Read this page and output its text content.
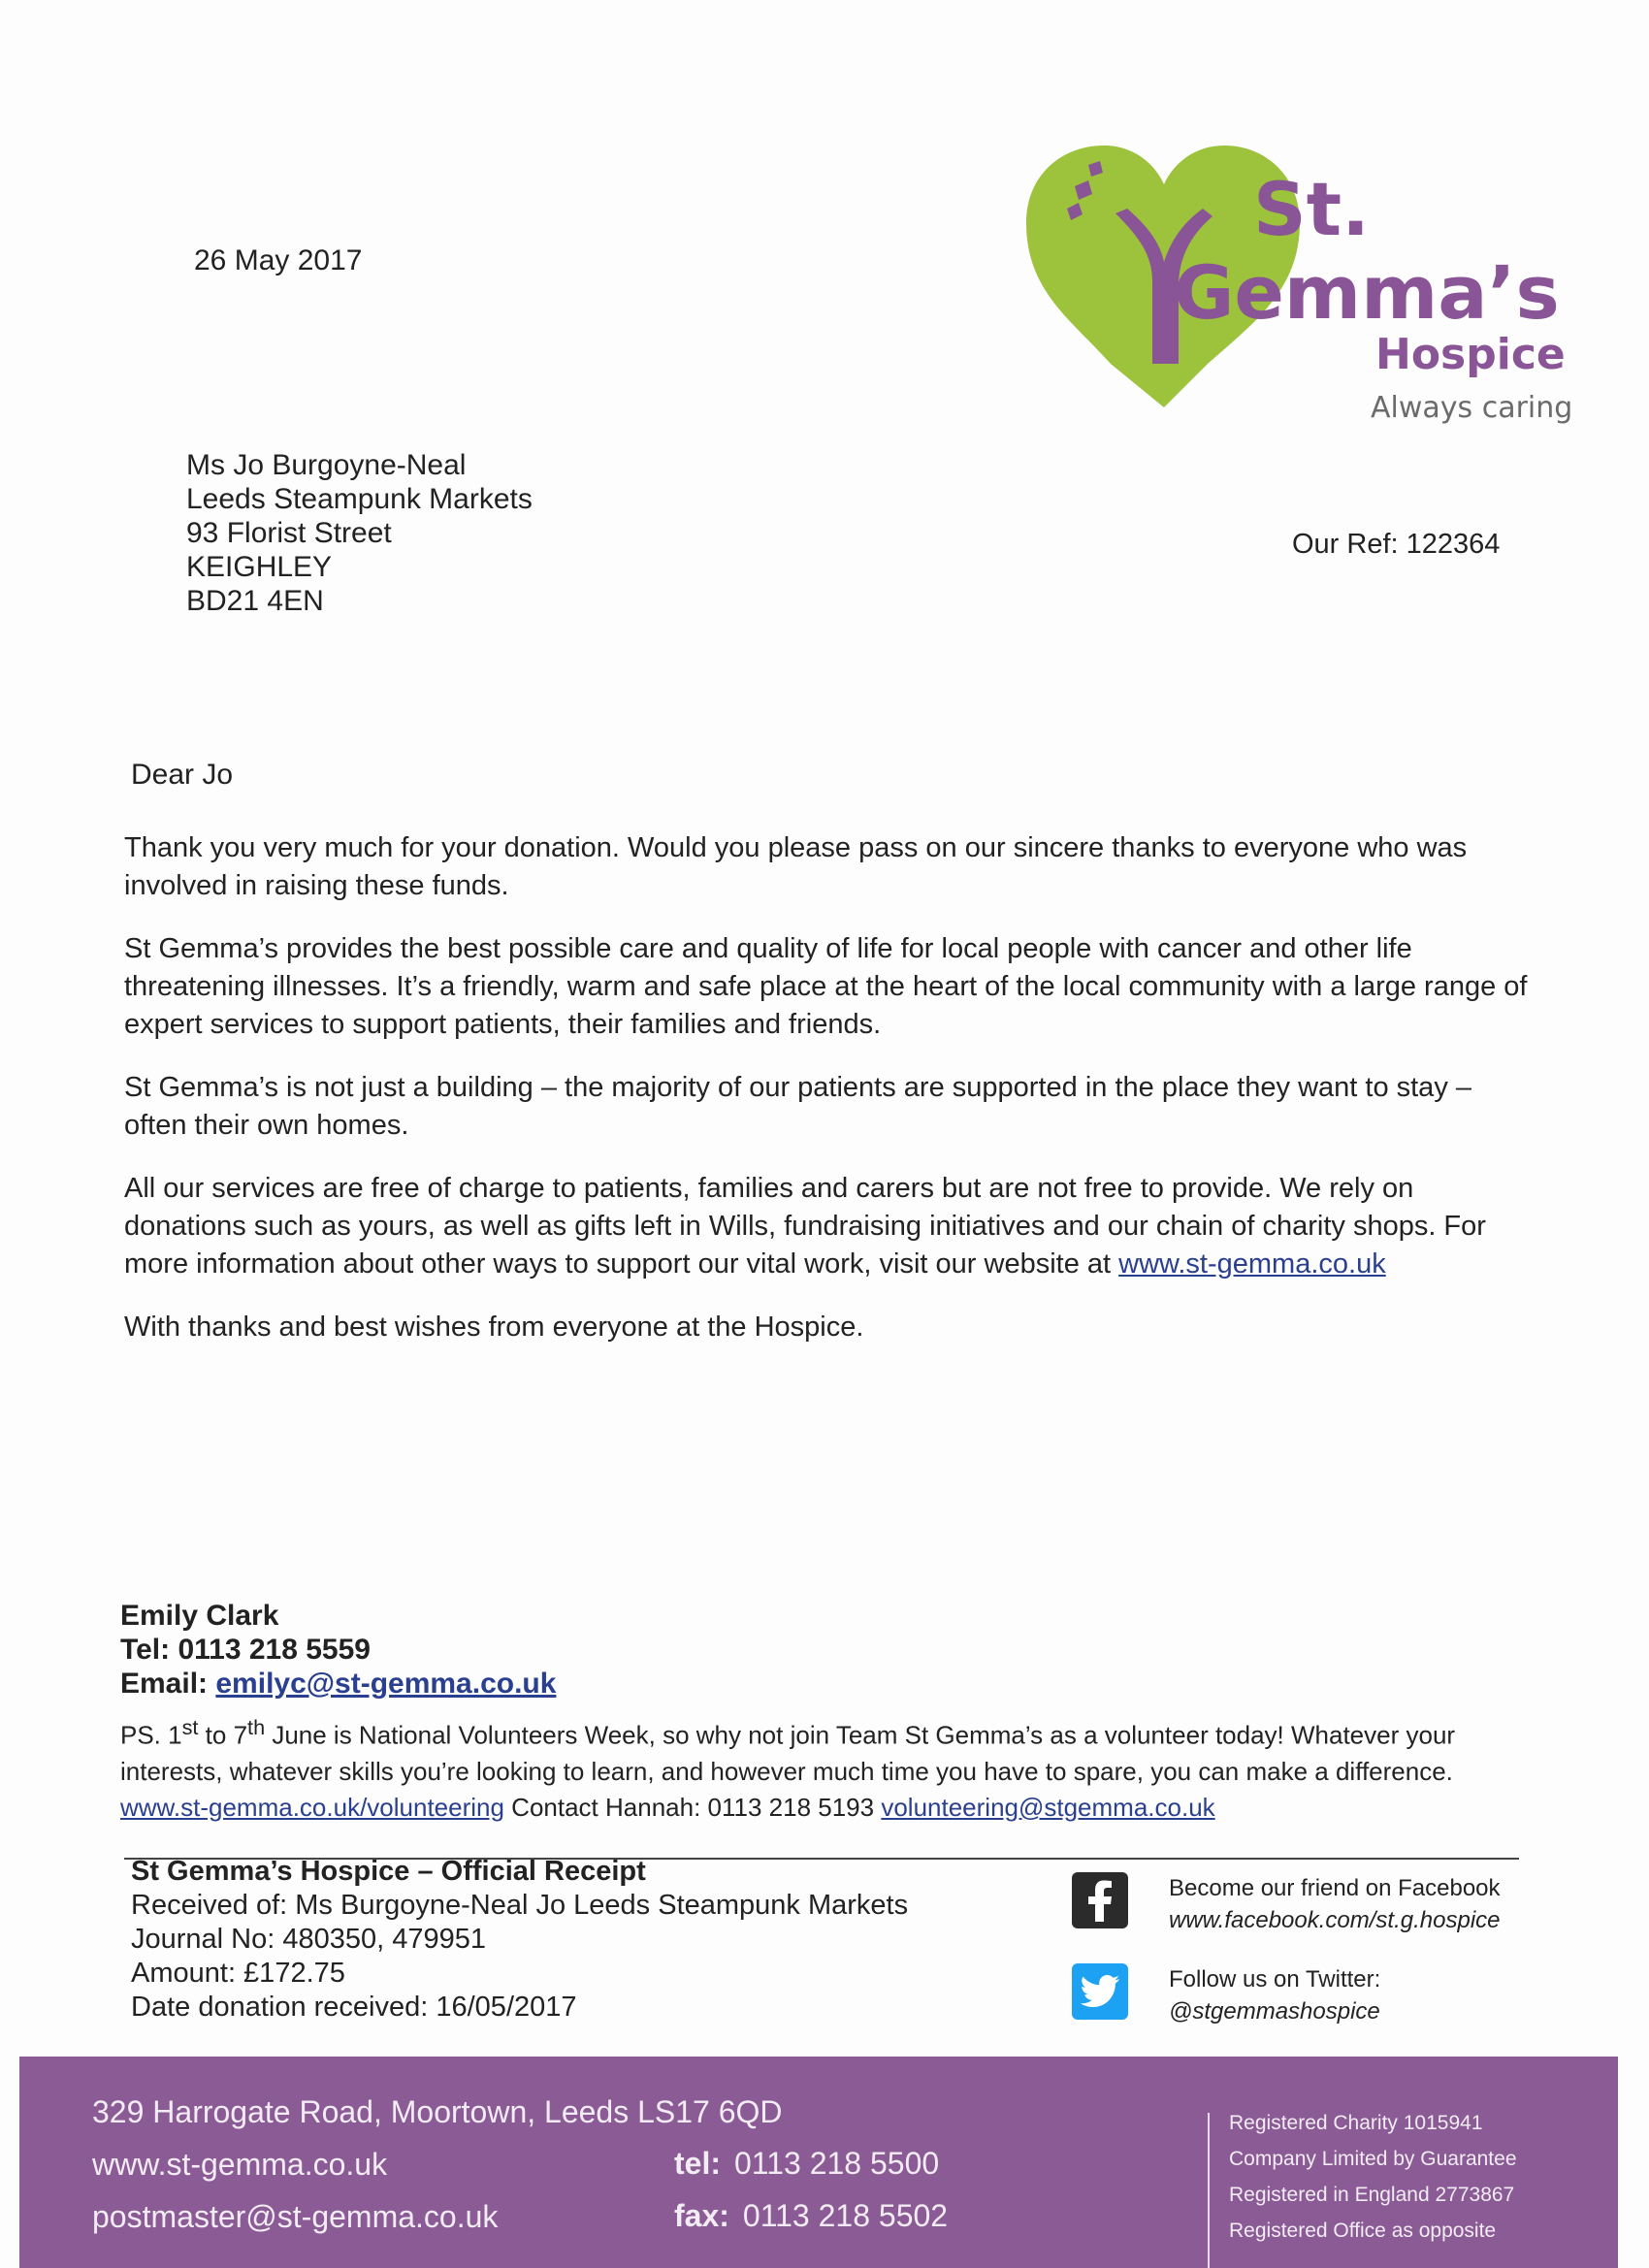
St.
Gemma’s
Hospice
Always caring
26 May 2017
Ms Jo Burgoyne-Neal
Leeds Steampunk Markets
93 Florist Street
KEIGHLEY
BD21 4EN
Our Ref: 122364
Dear Jo

Thank you very much for your donation. Would you please pass on our sincere thanks to everyone who was involved in raising these funds.

St Gemma’s provides the best possible care and quality of life for local people with cancer and other life threatening illnesses. It’s a friendly, warm and safe place at the heart of the local community with a large range of expert services to support patients, their families and friends.

St Gemma’s is not just a building – the majority of our patients are supported in the place they want to stay – often their own homes.

All our services are free of charge to patients, families and carers but are not free to provide. We rely on donations such as yours, as well as gifts left in Wills, fundraising initiatives and our chain of charity shops. For more information about other ways to support our vital work, visit our website at www.st-gemma.co.uk

With thanks and best wishes from everyone at the Hospice.

Emily Clark
Tel: 0113 218 5559
Email: emilyc@st-gemma.co.uk
PS. 1st to 7th June is National Volunteers Week, so why not join Team St Gemma’s as a volunteer today! Whatever your interests, whatever skills you’re looking to learn, and however much time you have to spare, you can make a difference. www.st-gemma.co.uk/volunteering Contact Hannah: 0113 218 5193 volunteering@stgemma.co.uk
St Gemma’s Hospice – Official Receipt
Received of: Ms Burgoyne-Neal Jo Leeds Steampunk Markets
Journal No: 480350, 479951
Amount: £172.75
Date donation received: 16/05/2017
Become our friend on Facebook
www.facebook.com/st.g.hospice
Follow us on Twitter:
@stgemmashospice
329 Harrogate Road, Moortown, Leeds LS17 6QD
www.st-gemma.co.uk
postmaster@st-gemma.co.uk
tel: 0113 218 5500
fax: 0113 218 5502
Registered Charity 1015941
Company Limited by Guarantee
Registered in England 2773867
Registered Office as opposite
